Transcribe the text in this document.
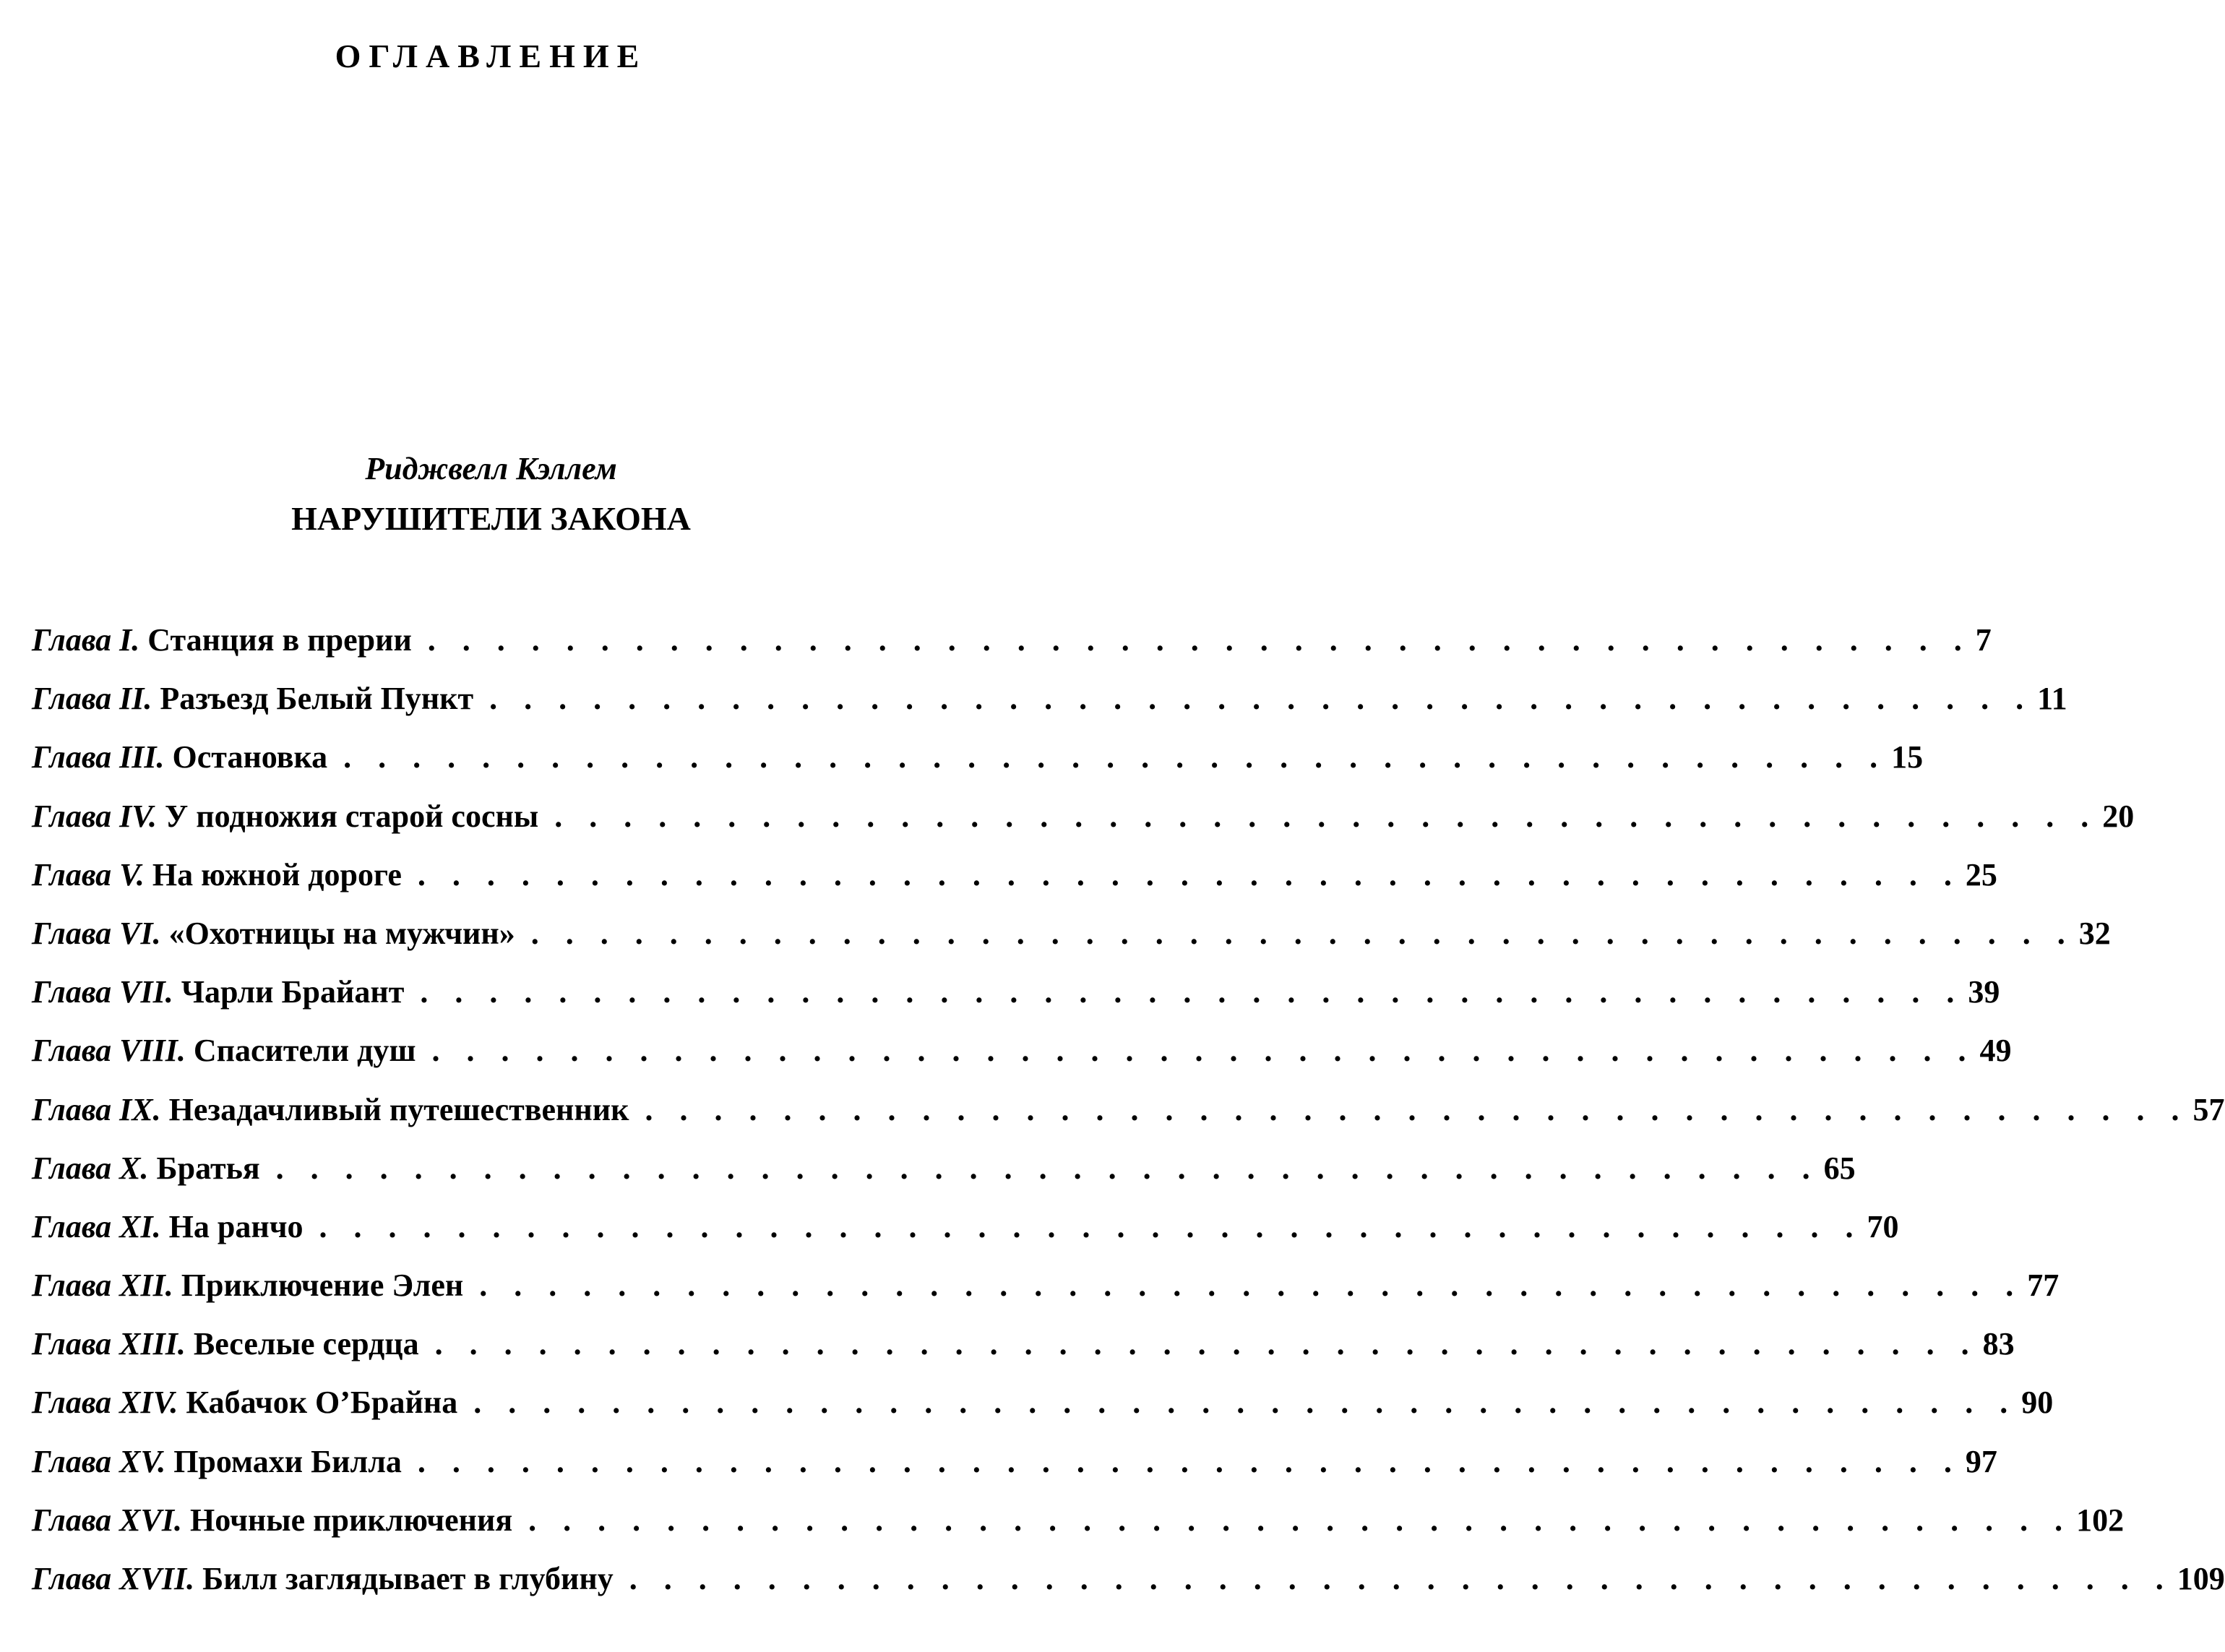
ОГЛАВЛЕНИЕ
Риджвелл Кэллем
НАРУШИТЕЛИ ЗАКОНА
Глава I. Станция в прерии . . . . . . . . . . . . . . . . . . . . . . . . . . . . . . . . . . . . . . . . . . . . . 7
Глава II. Разъезд Белый Пункт . . . . . . . . . . . . . . . . . . . . . . . . . . . . . . . . . . . . . . . . . . . . . 11
Глава III. Остановка . . . . . . . . . . . . . . . . . . . . . . . . . . . . . . . . . . . . . . . . . . . . . 15
Глава IV. У подножия старой сосны . . . . . . . . . . . . . . . . . . . . . . . . . . . . . . . . . . . . . . . . . . . . . 20
Глава V. На южной дороге . . . . . . . . . . . . . . . . . . . . . . . . . . . . . . . . . . . . . . . . . . . . . 25
Глава VI. «Охотницы на мужчин» . . . . . . . . . . . . . . . . . . . . . . . . . . . . . . . . . . . . . . . . . . . . . 32
Глава VII. Чарли Брайант . . . . . . . . . . . . . . . . . . . . . . . . . . . . . . . . . . . . . . . . . . . . . 39
Глава VIII. Спасители душ . . . . . . . . . . . . . . . . . . . . . . . . . . . . . . . . . . . . . . . . . . . . . 49
Глава IX. Незадачливый путешественник . . . . . . . . . . . . . . . . . . . . . . . . . . . . . . . . . . . . . . . . . . . . . 57
Глава X. Братья . . . . . . . . . . . . . . . . . . . . . . . . . . . . . . . . . . . . . . . . . . . . . 65
Глава XI. На ранчо . . . . . . . . . . . . . . . . . . . . . . . . . . . . . . . . . . . . . . . . . . . . . 70
Глава XII. Приключение Элен . . . . . . . . . . . . . . . . . . . . . . . . . . . . . . . . . . . . . . . . . . . . . 77
Глава XIII. Веселые сердца . . . . . . . . . . . . . . . . . . . . . . . . . . . . . . . . . . . . . . . . . . . . . 83
Глава XIV. Кабачок О’Брайна . . . . . . . . . . . . . . . . . . . . . . . . . . . . . . . . . . . . . . . . . . . . . 90
Глава XV. Промахи Билла . . . . . . . . . . . . . . . . . . . . . . . . . . . . . . . . . . . . . . . . . . . . . 97
Глава XVI. Ночные приключения . . . . . . . . . . . . . . . . . . . . . . . . . . . . . . . . . . . . . . . . . . . . . 102
Глава XVII. Билл заглядывает в глубину . . . . . . . . . . . . . . . . . . . . . . . . . . . . . . . . . . . . . . . . . . . . . 109
